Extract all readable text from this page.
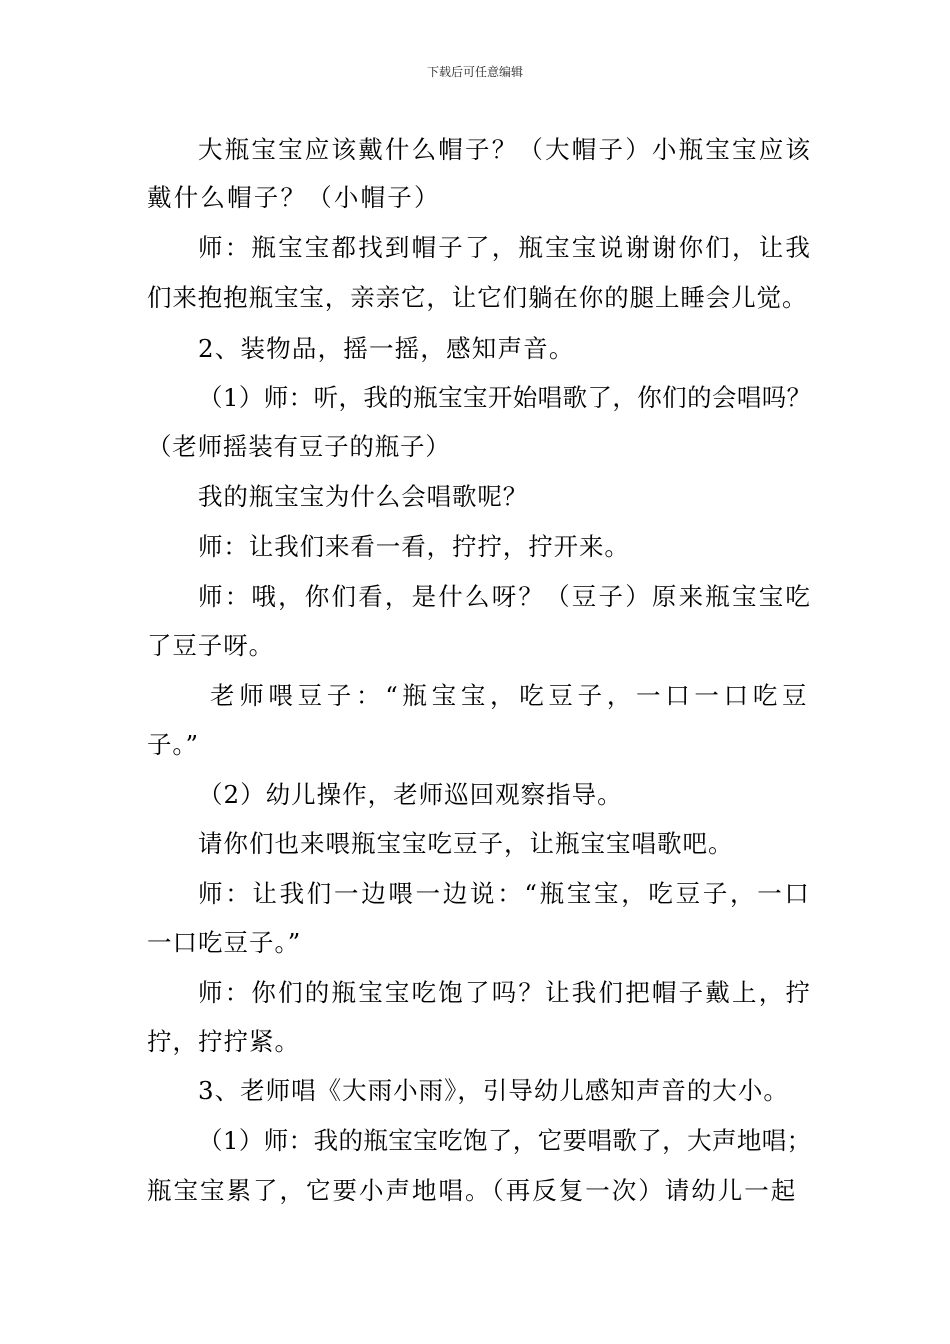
下载后可任意编辑
大瓶宝宝应该戴什么帽子？（大帽子）小瓶宝宝应该
戴什么帽子？（小帽子）
师：瓶宝宝都找到帽子了，瓶宝宝说谢谢你们，让我
们来抱抱瓶宝宝，亲亲它，让它们躺在你的腿上睡会儿觉。
2、装物品，摇一摇，感知声音。
（1）师：听，我的瓶宝宝开始唱歌了，你们的会唱吗？
（老师摇装有豆子的瓶子）
我的瓶宝宝为什么会唱歌呢？
师：让我们来看一看，拧拧，拧开来。
师：哦，你们看，是什么呀？（豆子）原来瓶宝宝吃
了豆子呀。
老师喂豆子：“瓶宝宝，吃豆子，一口一口吃豆
子。”
（2）幼儿操作，老师巡回观察指导。
请你们也来喂瓶宝宝吃豆子，让瓶宝宝唱歌吧。
师：让我们一边喂一边说：“瓶宝宝，吃豆子，一口
一口吃豆子。”
师：你们的瓶宝宝吃饱了吗？让我们把帽子戴上，拧
拧，拧拧紧。
3、老师唱《大雨小雨》，引导幼儿感知声音的大小。
（1）师：我的瓶宝宝吃饱了，它要唱歌了，大声地唱；
瓶宝宝累了，它要小声地唱。（再反复一次）请幼儿一起
